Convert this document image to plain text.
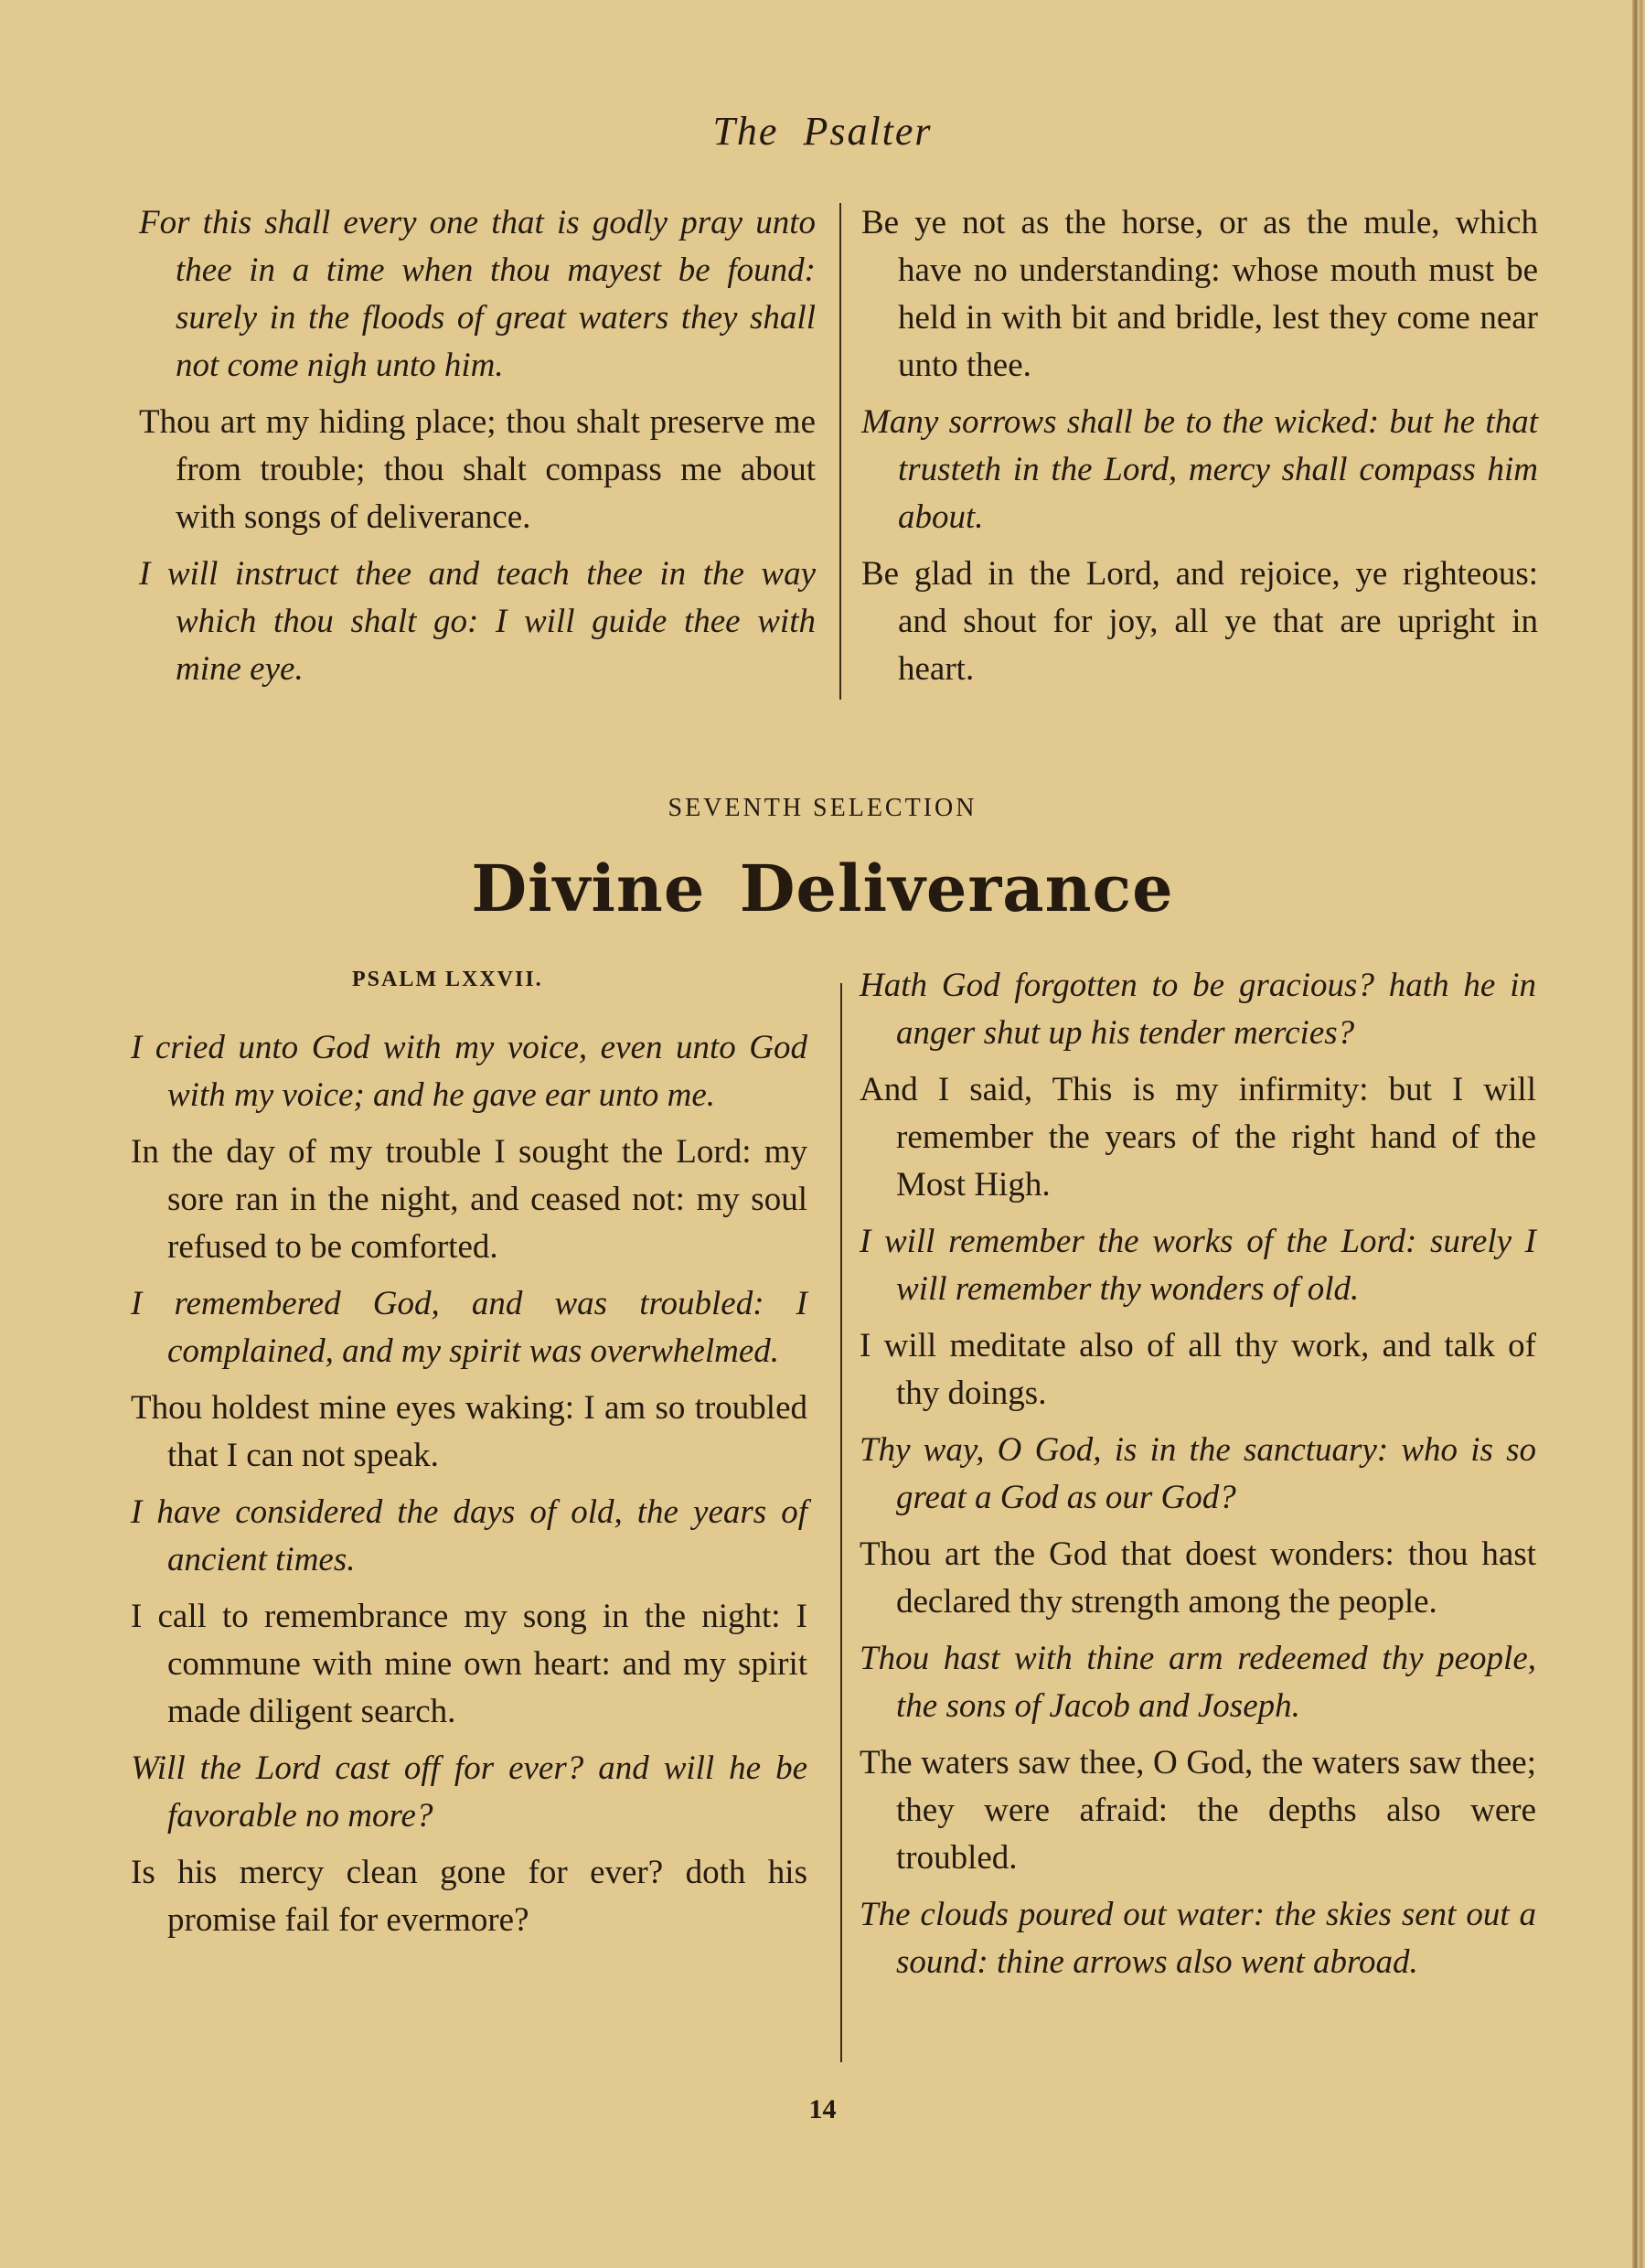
The Psalter

For this shall every one that is godly pray unto thee in a time when thou mayest be found: surely in the floods of great waters they shall not come nigh unto him.

Thou art my hiding place; thou shalt preserve me from trouble; thou shalt compass me about with songs of deliverance.

I will instruct thee and teach thee in the way which thou shalt go: I will guide thee with mine eye.

Be ye not as the horse, or as the mule, which have no understanding: whose mouth must be held in with bit and bridle, lest they come near unto thee.

Many sorrows shall be to the wicked: but he that trusteth in the Lord, mercy shall compass him about.

Be glad in the Lord, and rejoice, ye righteous: and shout for joy, all ye that are upright in heart.

SEVENTH SELECTION
Divine Deliverance
PSALM LXXVII.

I cried unto God with my voice, even unto God with my voice; and he gave ear unto me.

In the day of my trouble I sought the Lord: my sore ran in the night, and ceased not: my soul refused to be comforted.

I remembered God, and was troubled: I complained, and my spirit was overwhelmed.

Thou holdest mine eyes waking: I am so troubled that I can not speak.

I have considered the days of old, the years of ancient times.

I call to remembrance my song in the night: I commune with mine own heart: and my spirit made diligent search.

Will the Lord cast off for ever? and will he be favorable no more?

Is his mercy clean gone for ever? doth his promise fail for evermore?

Hath God forgotten to be gracious? hath he in anger shut up his tender mercies?

And I said, This is my infirmity: but I will remember the years of the right hand of the Most High.

I will remember the works of the Lord: surely I will remember thy wonders of old.

I will meditate also of all thy work, and talk of thy doings.

Thy way, O God, is in the sanctuary: who is so great a God as our God?

Thou art the God that doest wonders: thou hast declared thy strength among the people.

Thou hast with thine arm redeemed thy people, the sons of Jacob and Joseph.

The waters saw thee, O God, the waters saw thee; they were afraid: the depths also were troubled.

The clouds poured out water: the skies sent out a sound: thine arrows also went abroad.

14
